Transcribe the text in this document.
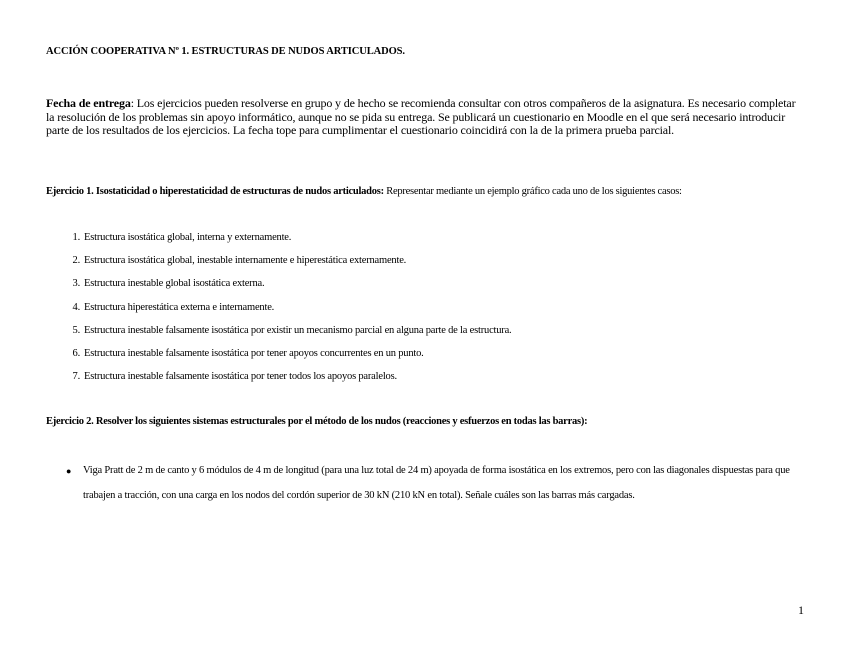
ACCIÓN COOPERATIVA Nº 1. ESTRUCTURAS DE NUDOS ARTICULADOS.
Fecha de entrega: Los ejercicios pueden resolverse en grupo y de hecho se recomienda consultar con otros compañeros de la asignatura. Es necesario completar la resolución de los problemas sin apoyo informático, aunque no se pida su entrega. Se publicará un cuestionario en Moodle en el que será necesario introducir parte de los resultados de los ejercicios. La fecha tope para cumplimentar el cuestionario coincidirá con la de la primera prueba parcial.
Ejercicio 1. Isostaticidad o hiperestaticidad de estructuras de nudos articulados: Representar mediante un ejemplo gráfico cada uno de los siguientes casos:
1. Estructura isostática global, interna y externamente.
2. Estructura isostática global, inestable internamente e hiperestática externamente.
3. Estructura inestable global isostática externa.
4. Estructura hiperestática externa e internamente.
5. Estructura inestable falsamente isostática por existir un mecanismo parcial en alguna parte de la estructura.
6. Estructura inestable falsamente isostática por tener apoyos concurrentes en un punto.
7. Estructura inestable falsamente isostática por tener todos los apoyos paralelos.
Ejercicio 2. Resolver los siguientes sistemas estructurales por el método de los nudos (reacciones y esfuerzos en todas las barras):
●	Viga Pratt de 2 m de canto y 6 módulos de 4 m de longitud (para una luz total de 24 m) apoyada de forma isostática en los extremos, pero con las diagonales dispuestas para que trabajen a tracción, con una carga en los nodos del cordón superior de 30 kN (210 kN en total). Señale cuáles son las barras más cargadas.
1
